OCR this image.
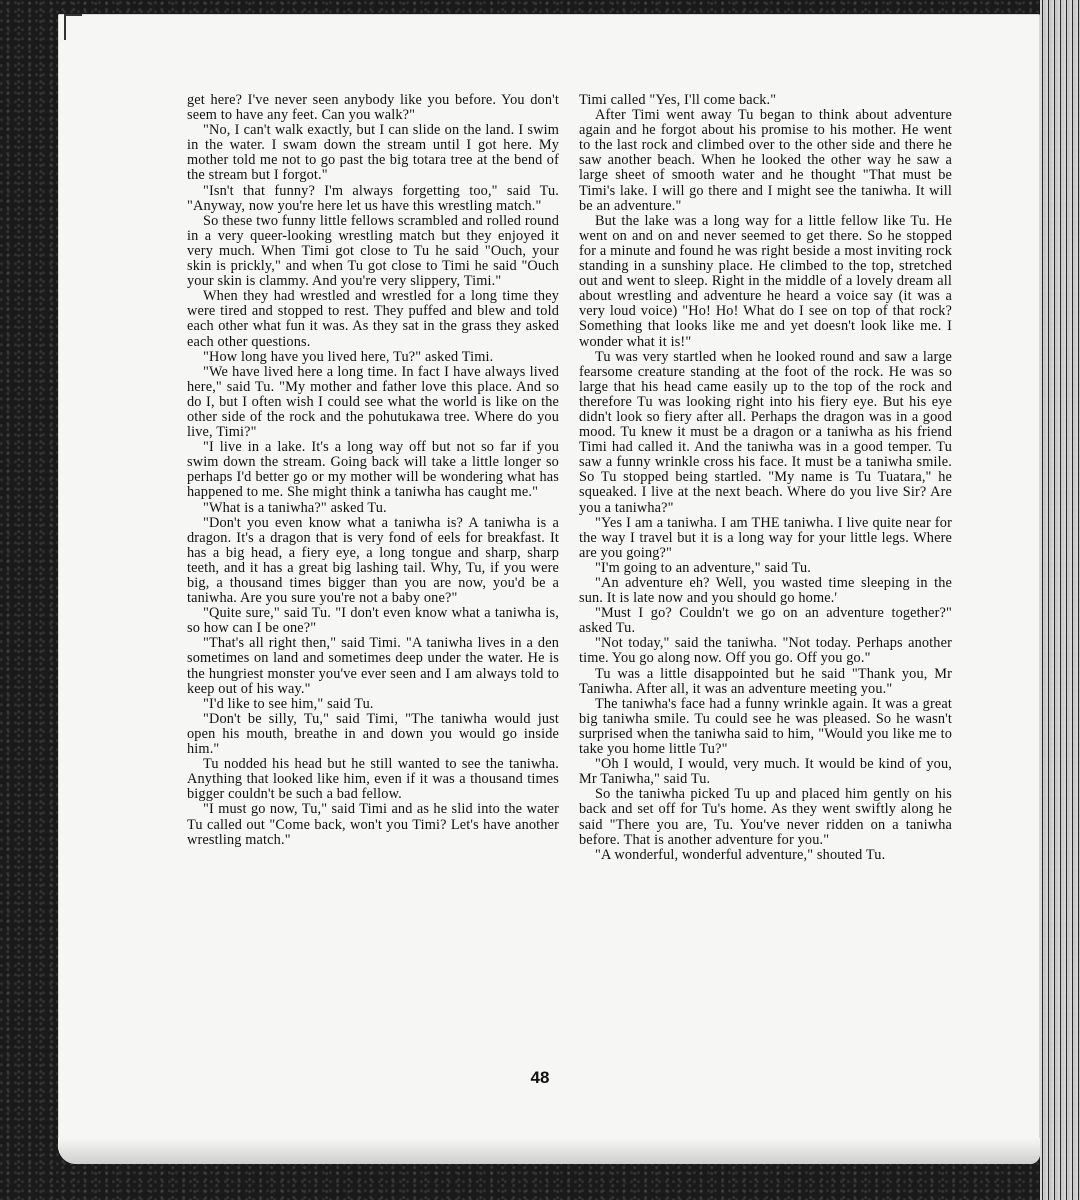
get here? I've never seen anybody like you before. You don't seem to have any feet. Can you walk?"

"No, I can't walk exactly, but I can slide on the land. I swim in the water. I swam down the stream until I got here. My mother told me not to go past the big totara tree at the bend of the stream but I forgot."

"Isn't that funny? I'm always forgetting too," said Tu. "Anyway, now you're here let us have this wrestling match."

So these two funny little fellows scrambled and rolled round in a very queer-looking wrestling match but they enjoyed it very much. When Timi got close to Tu he said "Ouch, your skin is prickly," and when Tu got close to Timi he said "Ouch your skin is clammy. And you're very slippery, Timi."

When they had wrestled and wrestled for a long time they were tired and stopped to rest. They puffed and blew and told each other what fun it was. As they sat in the grass they asked each other questions.

"How long have you lived here, Tu?" asked Timi.

"We have lived here a long time. In fact I have always lived here," said Tu. "My mother and father love this place. And so do I, but I often wish I could see what the world is like on the other side of the rock and the pohutukawa tree. Where do you live, Timi?"

"I live in a lake. It's a long way off but not so far if you swim down the stream. Going back will take a little longer so perhaps I'd better go or my mother will be wondering what has happened to me. She might think a taniwha has caught me."

"What is a taniwha?" asked Tu.

"Don't you even know what a taniwha is? A taniwha is a dragon. It's a dragon that is very fond of eels for breakfast. It has a big head, a fiery eye, a long tongue and sharp, sharp teeth, and it has a great big lashing tail. Why, Tu, if you were big, a thousand times bigger than you are now, you'd be a taniwha. Are you sure you're not a baby one?"

"Quite sure," said Tu. "I don't even know what a taniwha is, so how can I be one?"

"That's all right then," said Timi. "A taniwha lives in a den sometimes on land and sometimes deep under the water. He is the hungriest monster you've ever seen and I am always told to keep out of his way."

"I'd like to see him," said Tu.

"Don't be silly, Tu," said Timi, "The taniwha would just open his mouth, breathe in and down you would go inside him."

Tu nodded his head but he still wanted to see the taniwha. Anything that looked like him, even if it was a thousand times bigger couldn't be such a bad fellow.

"I must go now, Tu," said Timi and as he slid into the water Tu called out "Come back, won't you Timi? Let's have another wrestling match."

Timi called "Yes, I'll come back."

After Timi went away Tu began to think about adventure again and he forgot about his promise to his mother. He went to the last rock and climbed over to the other side and there he saw another beach. When he looked the other way he saw a large sheet of smooth water and he thought "That must be Timi's lake. I will go there and I might see the taniwha. It will be an adventure."

But the lake was a long way for a little fellow like Tu. He went on and on and never seemed to get there. So he stopped for a minute and found he was right beside a most inviting rock standing in a sunshiny place. He climbed to the top, stretched out and went to sleep. Right in the middle of a lovely dream all about wrestling and adventure he heard a voice say (it was a very loud voice) "Ho! Ho! What do I see on top of that rock? Something that looks like me and yet doesn't look like me. I wonder what it is!"

Tu was very startled when he looked round and saw a large fearsome creature standing at the foot of the rock. He was so large that his head came easily up to the top of the rock and therefore Tu was looking right into his fiery eye. But his eye didn't look so fiery after all. Perhaps the dragon was in a good mood. Tu knew it must be a dragon or a taniwha as his friend Timi had called it. And the taniwha was in a good temper. Tu saw a funny wrinkle cross his face. It must be a taniwha smile. So Tu stopped being startled. "My name is Tu Tuatara," he squeaked. I live at the next beach. Where do you live Sir? Are you a taniwha?"

"Yes I am a taniwha. I am THE taniwha. I live quite near for the way I travel but it is a long way for your little legs. Where are you going?"

"I'm going to an adventure," said Tu.

"An adventure eh? Well, you wasted time sleeping in the sun. It is late now and you should go home.'

"Must I go? Couldn't we go on an adventure together?" asked Tu.

"Not today," said the taniwha. "Not today. Perhaps another time. You go along now. Off you go. Off you go."

Tu was a little disappointed but he said "Thank you, Mr Taniwha. After all, it was an adventure meeting you."

The taniwha's face had a funny wrinkle again. It was a great big taniwha smile. Tu could see he was pleased. So he wasn't surprised when the taniwha said to him, "Would you like me to take you home little Tu?"

"Oh I would, I would, very much. It would be kind of you, Mr Taniwha," said Tu.

So the taniwha picked Tu up and placed him gently on his back and set off for Tu's home. As they went swiftly along he said "There you are, Tu. You've never ridden on a taniwha before. That is another adventure for you."

"A wonderful, wonderful adventure," shouted Tu.

48
